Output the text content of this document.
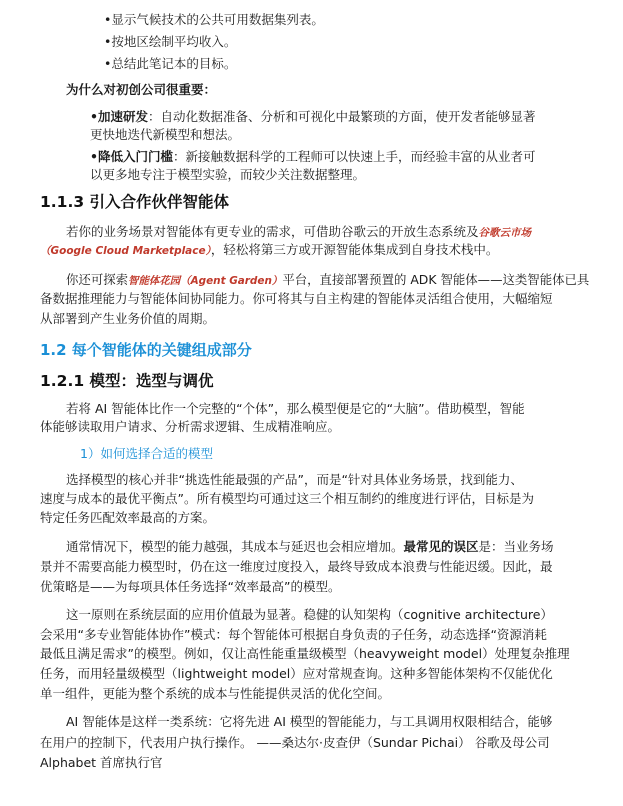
•显示气候技术的公共可用数据集列表。
•按地区绘制平均收入。
•总结此笔记本的目标。
为什么对初创公司很重要：
•加速研发：自动化数据准备、分析和可视化中最繁琐的方面，使开发者能够显著
更快地迭代新模型和想法。
•降低入门门槛：新接触数据科学的工程师可以快速上手，而经验丰富的从业者可
以更多地专注于模型实验，而较少关注数据整理。
1.1.3 引入合作伙伴智能体
若你的业务场景对智能体有更专业的需求，可借助谷歌云的开放生态系统及谷歌云市场
（Google Cloud Marketplace），轻松将第三方或开源智能体集成到自身技术栈中。
你还可探索智能体花园（Agent Garden）平台，直接部署预置的 ADK 智能体——这类智能体已具
备数据推理能力与智能体间协同能力。你可将其与自主构建的智能体灵活组合使用，大幅缩短
从部署到产生业务价值的周期。
1.2 每个智能体的关键组成部分
1.2.1 模型：选型与调优
若将 AI 智能体比作一个完整的“个体”，那么模型便是它的“大脑”。借助模型，智能
体能够读取用户请求、分析需求逻辑、生成精准响应。
1）如何选择合适的模型
选择模型的核心并非“挑选性能最强的产品”，而是“针对具体业务场景，找到能力、
速度与成本的最优平衡点”。所有模型均可通过这三个相互制约的维度进行评估，目标是为
特定任务匹配效率最高的方案。
通常情况下，模型的能力越强，其成本与延迟也会相应增加。最常见的误区是：当业务场
景并不需要高能力模型时，仍在这一维度过度投入，最终导致成本浪费与性能迟缓。因此，最
优策略是——为每项具体任务选择“效率最高”的模型。
这一原则在系统层面的应用价值最为显著。稳健的认知架构（cognitive architecture）
会采用“多专业智能体协作”模式：每个智能体可根据自身负责的子任务，动态选择“资源消耗
最低且满足需求”的模型。例如，仅让高性能重量级模型（heavyweight model）处理复杂推理
任务，而用轻量级模型（lightweight model）应对常规查询。这种多智能体架构不仅能优化
单一组件，更能为整个系统的成本与性能提供灵活的优化空间。
AI 智能体是这样一类系统：它将先进 AI 模型的智能能力，与工具调用权限相结合，能够
在用户的控制下，代表用户执行操作。 ——桑达尔·皮查伊（Sundar Pichai） 谷歌及母公司
Alphabet 首席执行官
